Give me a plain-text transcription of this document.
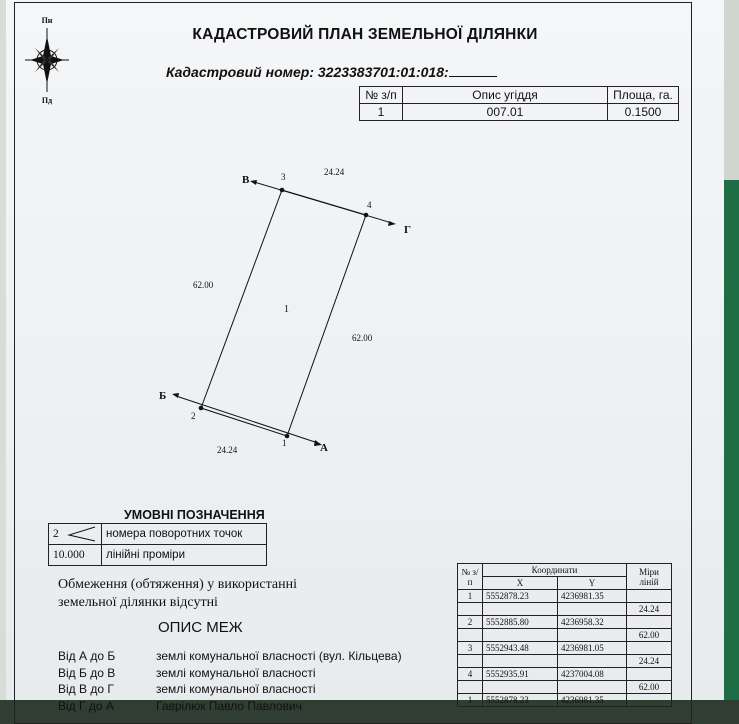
Пн
Пд
КАДАСТРОВИЙ ПЛАН ЗЕМЕЛЬНОЇ ДІЛЯНКИ
Кадастровий номер: 3223383701:01:018:
№ з/п	Опис угіддя	Площа, га.
1	007.01	0.1500
3
4
1
2
В
Г
Б
А
24.24
62.00
62.00
24.24
1
УМОВНІ ПОЗНАЧЕННЯ
2	номера поворотних точок
10.000	лінійні проміри
Обмеження (обтяження) у використанні
земельної ділянки відсутні
ОПИС МЕЖ
Від А до Б	землі комунальної власності (вул. Кільцева)
Від Б до В	землі комунальної власності
Від В до Г	землі комунальної власності
Від Г до А	Гаврілюк Павло Павлович
№ з/п	Координати		Міри ліній
	X	Y	
1	5552878.23	4236981.35	
			24.24
2	5552885.80	4236958.32	
			62.00
3	5552943.48	4236981.05	
			24.24
4	5552935.91	4237004.08	
			62.00
1	5552878.23	4236981.35	
